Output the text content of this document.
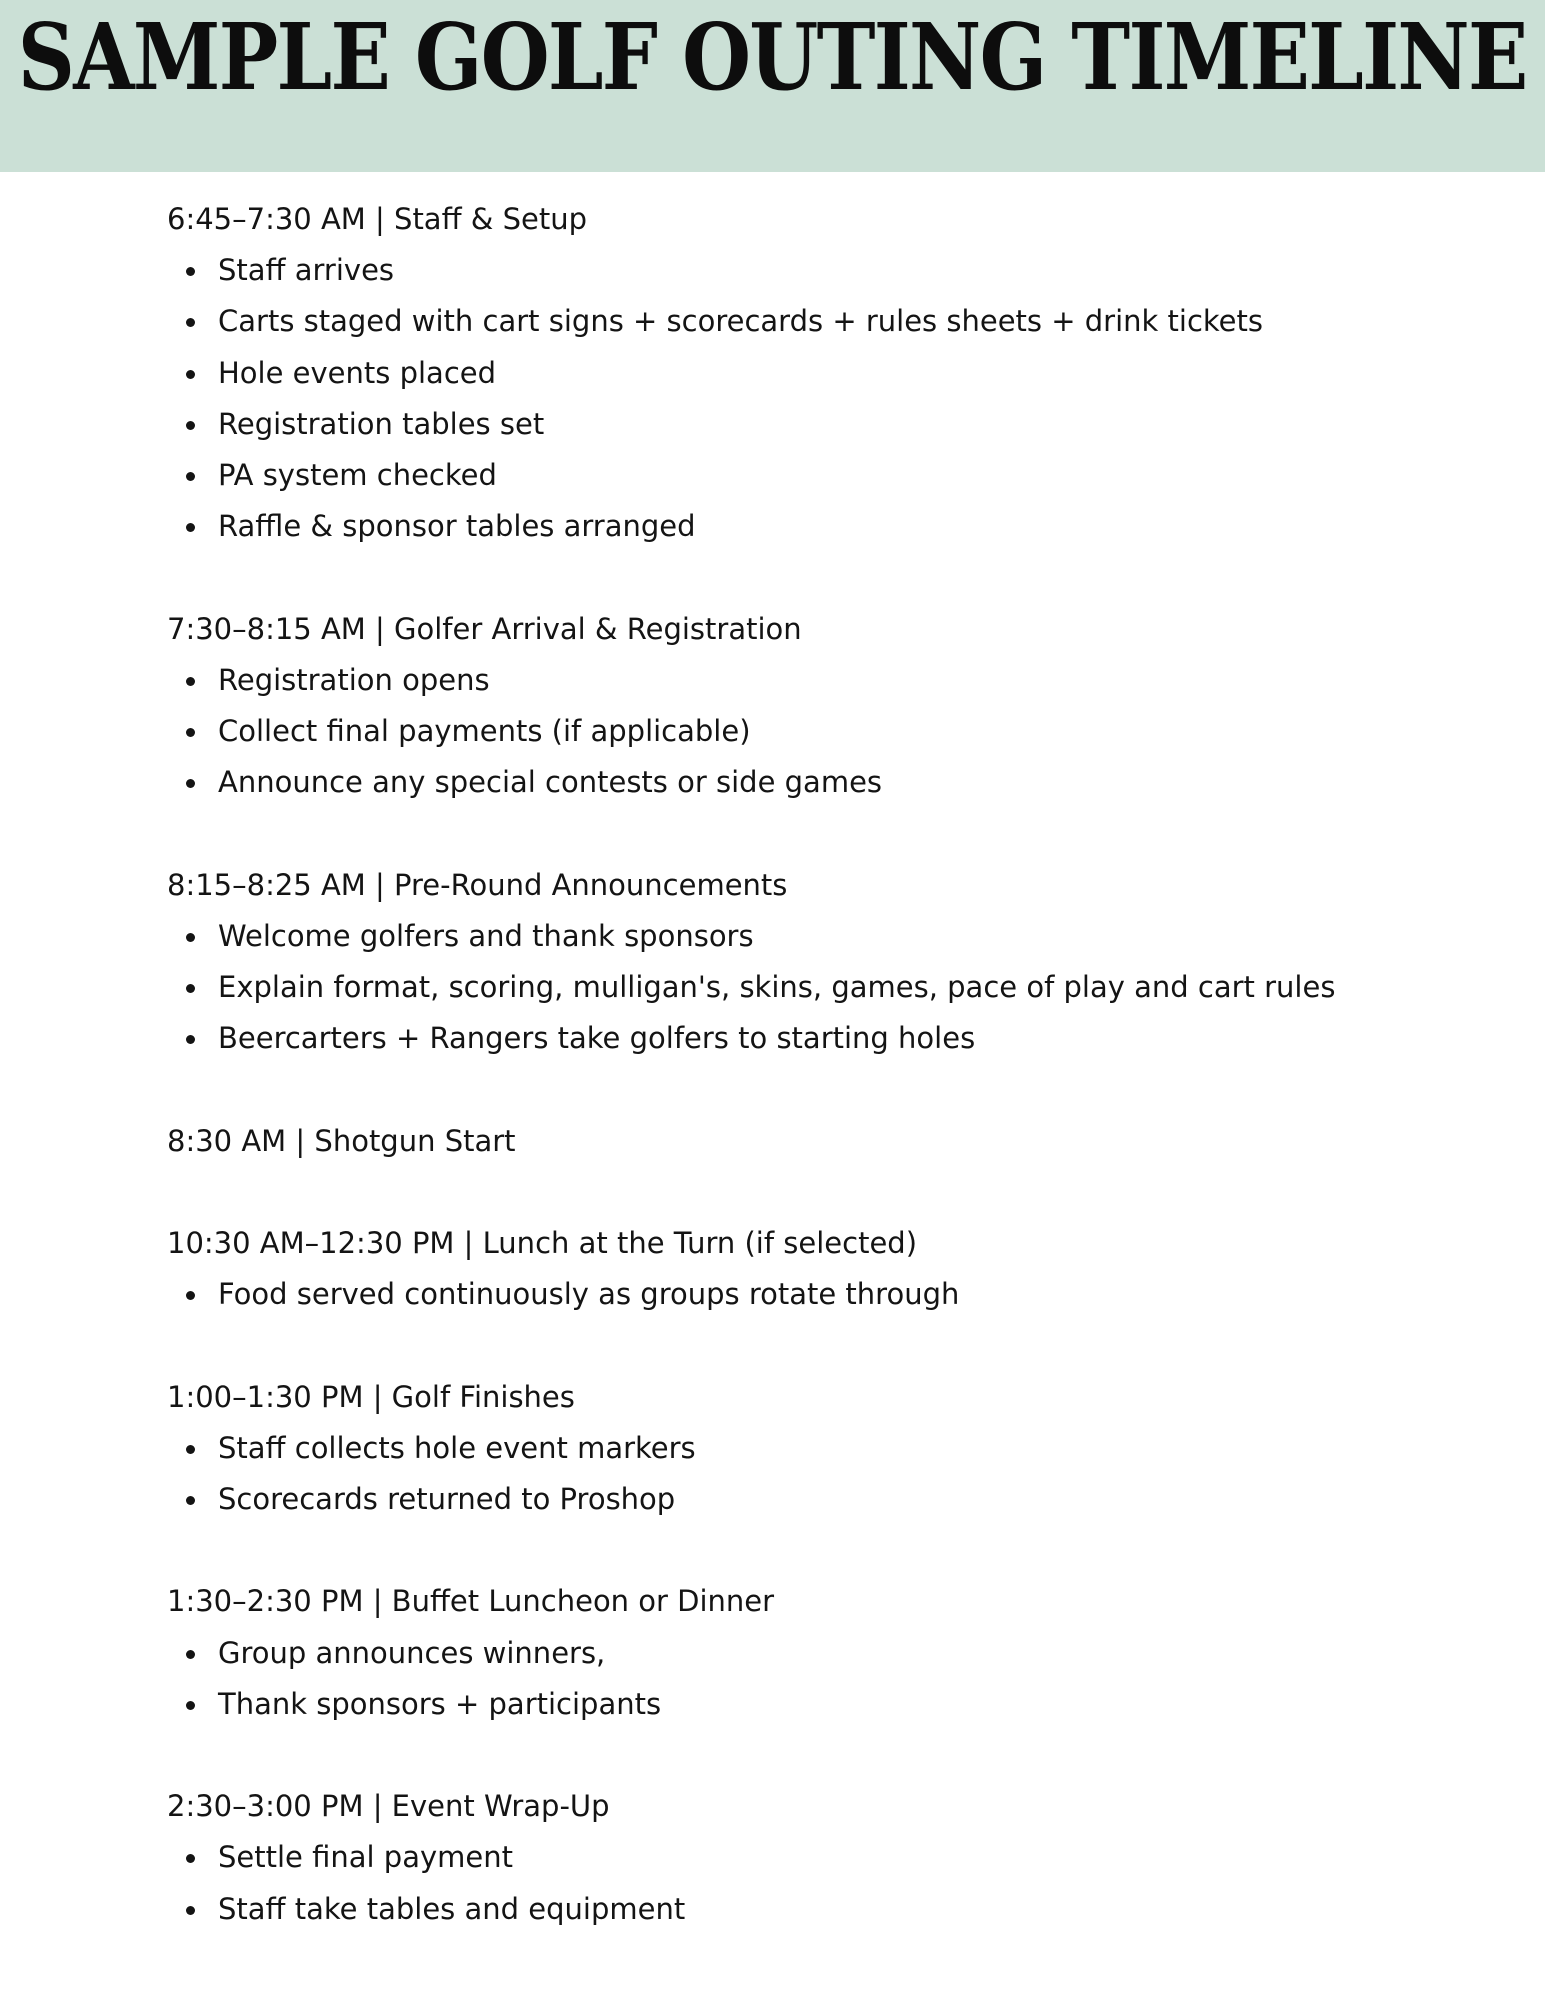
SAMPLE GOLF OUTING TIMELINE
6:45–7:30 AM | Staff & Setup
Staff arrives
Carts staged with cart signs + scorecards + rules sheets + drink tickets
Hole events placed
Registration tables set
PA system checked
Raffle & sponsor tables arranged
7:30–8:15 AM | Golfer Arrival & Registration
Registration opens
Collect final payments (if applicable)
Announce any special contests or side games
8:15–8:25 AM | Pre-Round Announcements
Welcome golfers and thank sponsors
Explain format, scoring, mulligan's, skins, games, pace of play and cart rules
Beercarters + Rangers take golfers to starting holes
8:30 AM | Shotgun Start
10:30 AM–12:30 PM | Lunch at the Turn (if selected)
Food served continuously as groups rotate through
1:00–1:30 PM | Golf Finishes
Staff collects hole event markers
Scorecards returned to Proshop
1:30–2:30 PM | Buffet Luncheon or Dinner
Group announces winners,
Thank sponsors + participants
2:30–3:00 PM | Event Wrap-Up
Settle final payment
Staff take tables and equipment
